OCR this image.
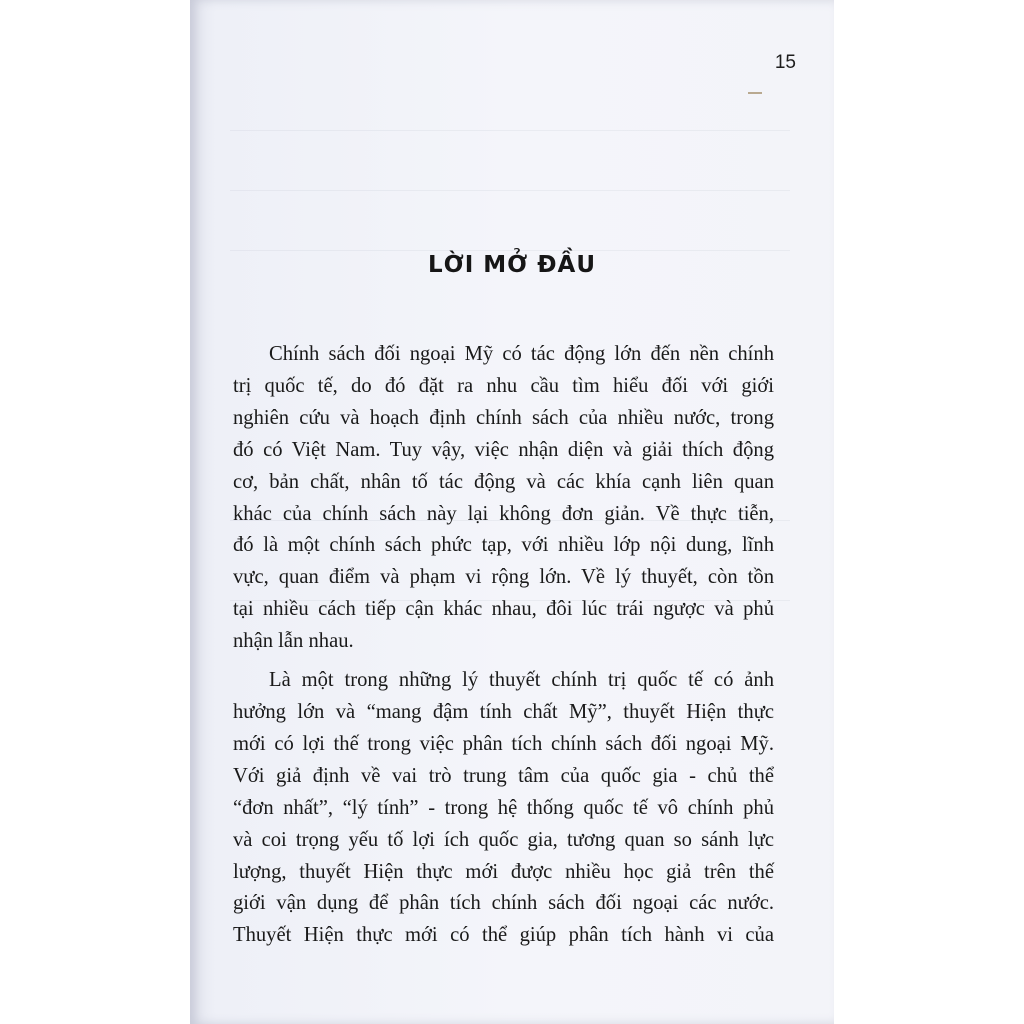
15
LỜI MỞ ĐẦU
Chính sách đối ngoại Mỹ có tác động lớn đến nền chính
trị quốc tế, do đó đặt ra nhu cầu tìm hiểu đối với giới
nghiên cứu và hoạch định chính sách của nhiều nước, trong
đó có Việt Nam. Tuy vậy, việc nhận diện và giải thích động
cơ, bản chất, nhân tố tác động và các khía cạnh liên quan
khác của chính sách này lại không đơn giản. Về thực tiễn,
đó là một chính sách phức tạp, với nhiều lớp nội dung, lĩnh
vực, quan điểm và phạm vi rộng lớn. Về lý thuyết, còn tồn
tại nhiều cách tiếp cận khác nhau, đôi lúc trái ngược và phủ
nhận lẫn nhau.
Là một trong những lý thuyết chính trị quốc tế có ảnh
hưởng lớn và “mang đậm tính chất Mỹ”, thuyết Hiện thực
mới có lợi thế trong việc phân tích chính sách đối ngoại Mỹ.
Với giả định về vai trò trung tâm của quốc gia - chủ thể
“đơn nhất”, “lý tính” - trong hệ thống quốc tế vô chính phủ
và coi trọng yếu tố lợi ích quốc gia, tương quan so sánh lực
lượng, thuyết Hiện thực mới được nhiều học giả trên thế
giới vận dụng để phân tích chính sách đối ngoại các nước.
Thuyết Hiện thực mới có thể giúp phân tích hành vi của
